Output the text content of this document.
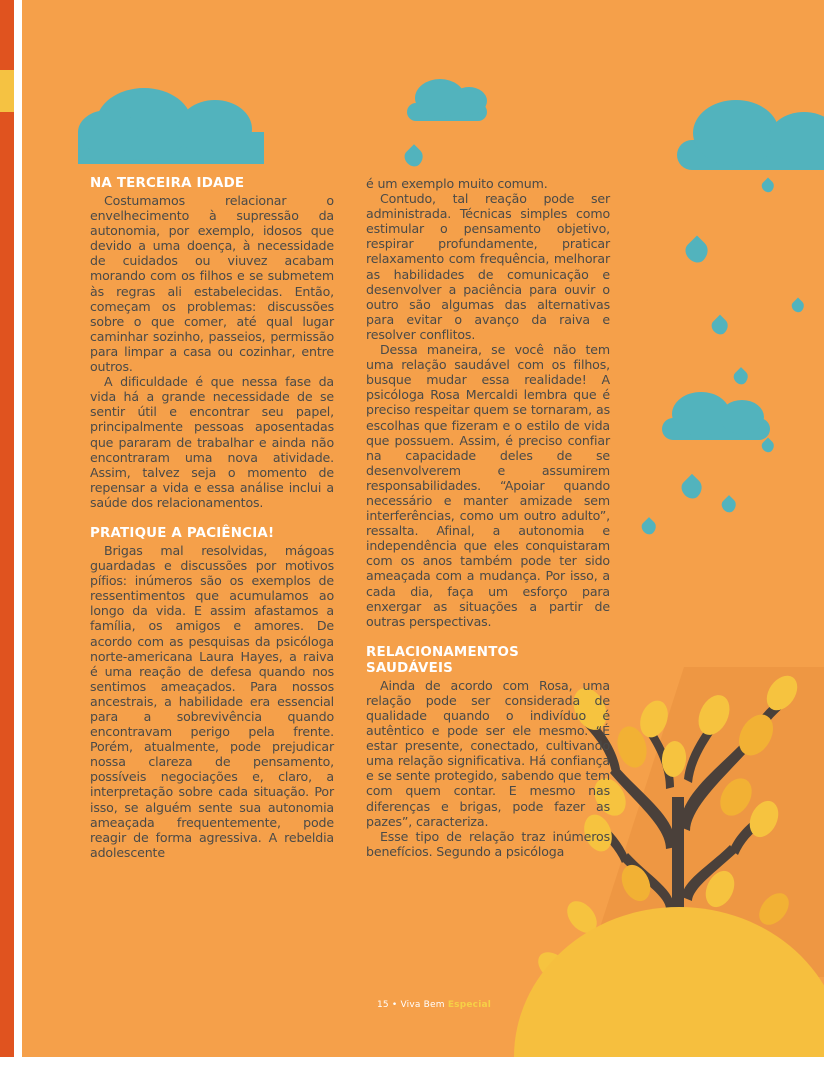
NA TERCEIRA IDADE

Costumamos relacionar o envelhecimento à supressão da autonomia, por exemplo, idosos que devido a uma doença, à necessidade de cuidados ou viuvez acabam morando com os filhos e se submetem às regras ali estabelecidas. Então, começam os problemas: discussões sobre o que comer, até qual lugar caminhar sozinho, passeios, permissão para limpar a casa ou cozinhar, entre outros.

A dificuldade é que nessa fase da vida há a grande necessidade de se sentir útil e encontrar seu papel, principalmente pessoas aposentadas que pararam de trabalhar e ainda não encontraram uma nova atividade. Assim, talvez seja o momento de repensar a vida e essa análise inclui a saúde dos relacionamentos.

PRATIQUE A PACIÊNCIA!

Brigas mal resolvidas, mágoas guardadas e discussões por motivos pífios: inúmeros são os exemplos de ressentimentos que acumulamos ao longo da vida. E assim afastamos a família, os amigos e amores. De acordo com as pesquisas da psicóloga norte-americana Laura Hayes, a raiva é uma reação de defesa quando nos sentimos ameaçados. Para nossos ancestrais, a habilidade era essencial para a sobrevivência quando encontravam perigo pela frente. Porém, atualmente, pode prejudicar nossa clareza de pensamento, possíveis negociações e, claro, a interpretação sobre cada situação. Por isso, se alguém sente sua autonomia ameaçada frequentemente, pode reagir de forma agressiva. A rebeldia adolescente

é um exemplo muito comum.

Contudo, tal reação pode ser administrada. Técnicas simples como estimular o pensamento objetivo, respirar profundamente, praticar relaxamento com frequência, melhorar as habilidades de comunicação e desenvolver a paciência para ouvir o outro são algumas das alternativas para evitar o avanço da raiva e resolver conflitos.

Dessa maneira, se você não tem uma relação saudável com os filhos, busque mudar essa realidade! A psicóloga Rosa Mercaldi lembra que é preciso respeitar quem se tornaram, as escolhas que fizeram e o estilo de vida que possuem. Assim, é preciso confiar na capacidade deles de se desenvolverem e assumirem responsabilidades. “Apoiar quando necessário e manter amizade sem interferências, como um outro adulto”, ressalta. Afinal, a autonomia e independência que eles conquistaram com os anos também pode ter sido ameaçada com a mudança. Por isso, a cada dia, faça um esforço para enxergar as situações a partir de outras perspectivas.

RELACIONAMENTOS SAUDÁVEIS

Ainda de acordo com Rosa, uma relação pode ser considerada de qualidade quando o indivíduo é autêntico e pode ser ele mesmo. “É estar presente, conectado, cultivando uma relação significativa. Há confiança e se sente protegido, sabendo que tem com quem contar. E mesmo nas diferenças e brigas, pode fazer as pazes”, caracteriza.

Esse tipo de relação traz inúmeros benefícios. Segundo a psicóloga

15 • Viva Bem Especial
